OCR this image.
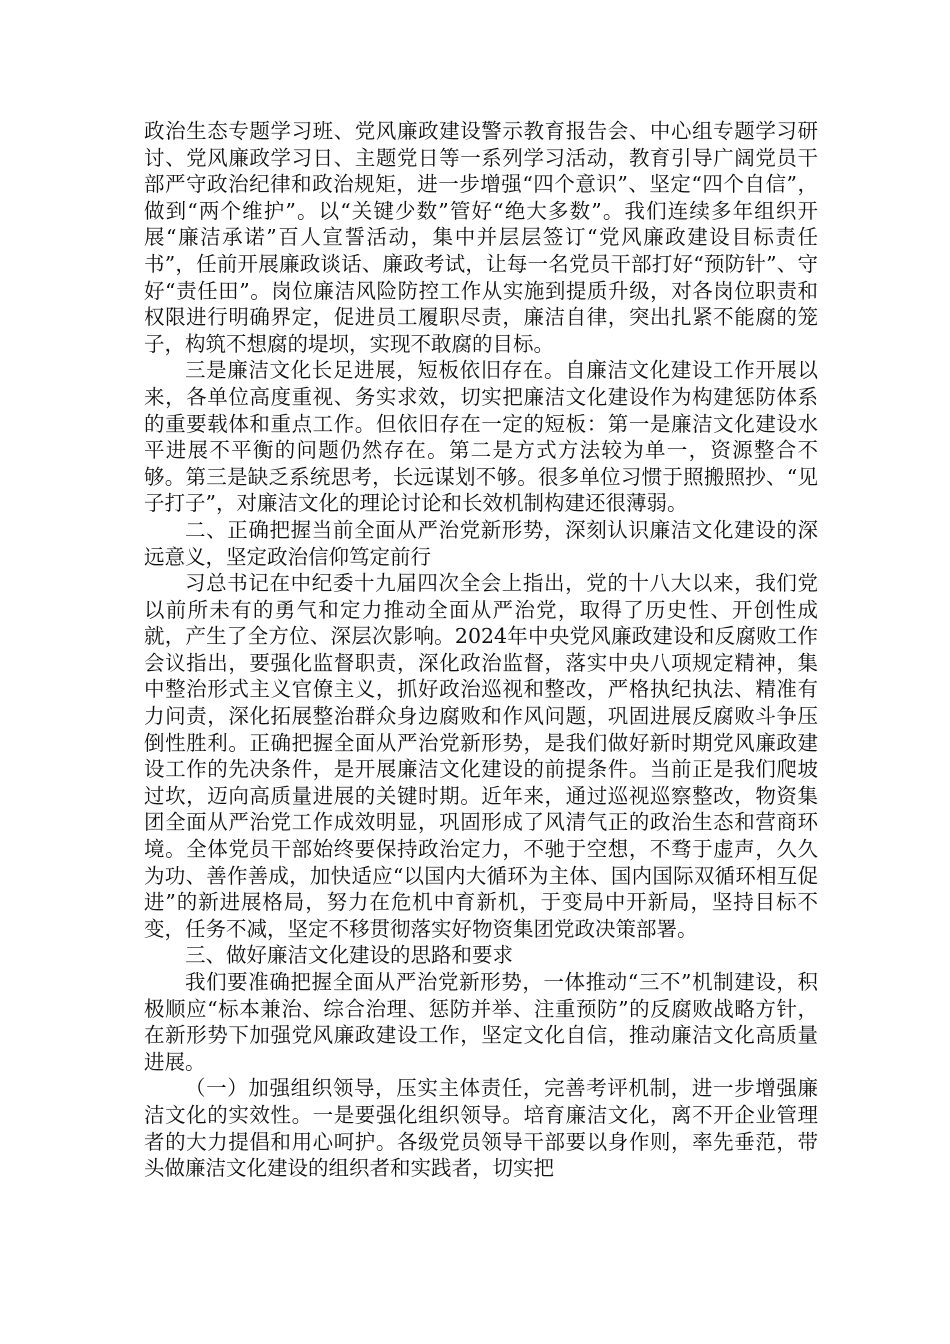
政治生态专题学习班、党风廉政建设警示教育报告会、中心组专题学习研讨、党风廉政学习日、主题党日等一系列学习活动，教育引导广阔党员干部严守政治纪律和政治规矩，进一步增强“四个意识”、坚定“四个自信”，做到“两个维护”。以“关键少数”管好“绝大多数”。我们连续多年组织开展“廉洁承诺”百人宣誓活动，集中并层层签订“党风廉政建设目标责任书”，任前开展廉政谈话、廉政考试，让每一名党员干部打好“预防针”、守好“责任田”。岗位廉洁风险防控工作从实施到提质升级，对各岗位职责和权限进行明确界定，促进员工履职尽责，廉洁自律，突出扎紧不能腐的笼子，构筑不想腐的堤坝，实现不敢腐的目标。

三是廉洁文化长足进展，短板依旧存在。自廉洁文化建设工作开展以来，各单位高度重视、务实求效，切实把廉洁文化建设作为构建惩防体系的重要载体和重点工作。但依旧存在一定的短板：第一是廉洁文化建设水平进展不平衡的问题仍然存在。第二是方式方法较为单一，资源整合不够。第三是缺乏系统思考，长远谋划不够。很多单位习惯于照搬照抄、“见子打子”，对廉洁文化的理论讨论和长效机制构建还很薄弱。

二、正确把握当前全面从严治党新形势，深刻认识廉洁文化建设的深远意义，坚定政治信仰笃定前行

习总书记在中纪委十九届四次全会上指出，党的十八大以来，我们党以前所未有的勇气和定力推动全面从严治党，取得了历史性、开创性成就，产生了全方位、深层次影响。2024年中央党风廉政建设和反腐败工作会议指出，要强化监督职责，深化政治监督，落实中央八项规定精神，集中整治形式主义官僚主义，抓好政治巡视和整改，严格执纪执法、精准有力问责，深化拓展整治群众身边腐败和作风问题，巩固进展反腐败斗争压倒性胜利。正确把握全面从严治党新形势，是我们做好新时期党风廉政建设工作的先决条件，是开展廉洁文化建设的前提条件。当前正是我们爬坡过坎，迈向高质量进展的关键时期。近年来，通过巡视巡察整改，物资集团全面从严治党工作成效明显，巩固形成了风清气正的政治生态和营商环境。全体党员干部始终要保持政治定力，不驰于空想，不骛于虚声，久久为功、善作善成，加快适应“以国内大循环为主体、国内国际双循环相互促进”的新进展格局，努力在危机中育新机，于变局中开新局，坚持目标不变，任务不减，坚定不移贯彻落实好物资集团党政决策部署。

三、做好廉洁文化建设的思路和要求

我们要准确把握全面从严治党新形势，一体推动“三不”机制建设，积极顺应“标本兼治、综合治理、惩防并举、注重预防”的反腐败战略方针，在新形势下加强党风廉政建设工作，坚定文化自信，推动廉洁文化高质量进展。

（一）加强组织领导，压实主体责任，完善考评机制，进一步增强廉洁文化的实效性。一是要强化组织领导。培育廉洁文化，离不开企业管理者的大力提倡和用心呵护。各级党员领导干部要以身作则，率先垂范，带头做廉洁文化建设的组织者和实践者，切实把
